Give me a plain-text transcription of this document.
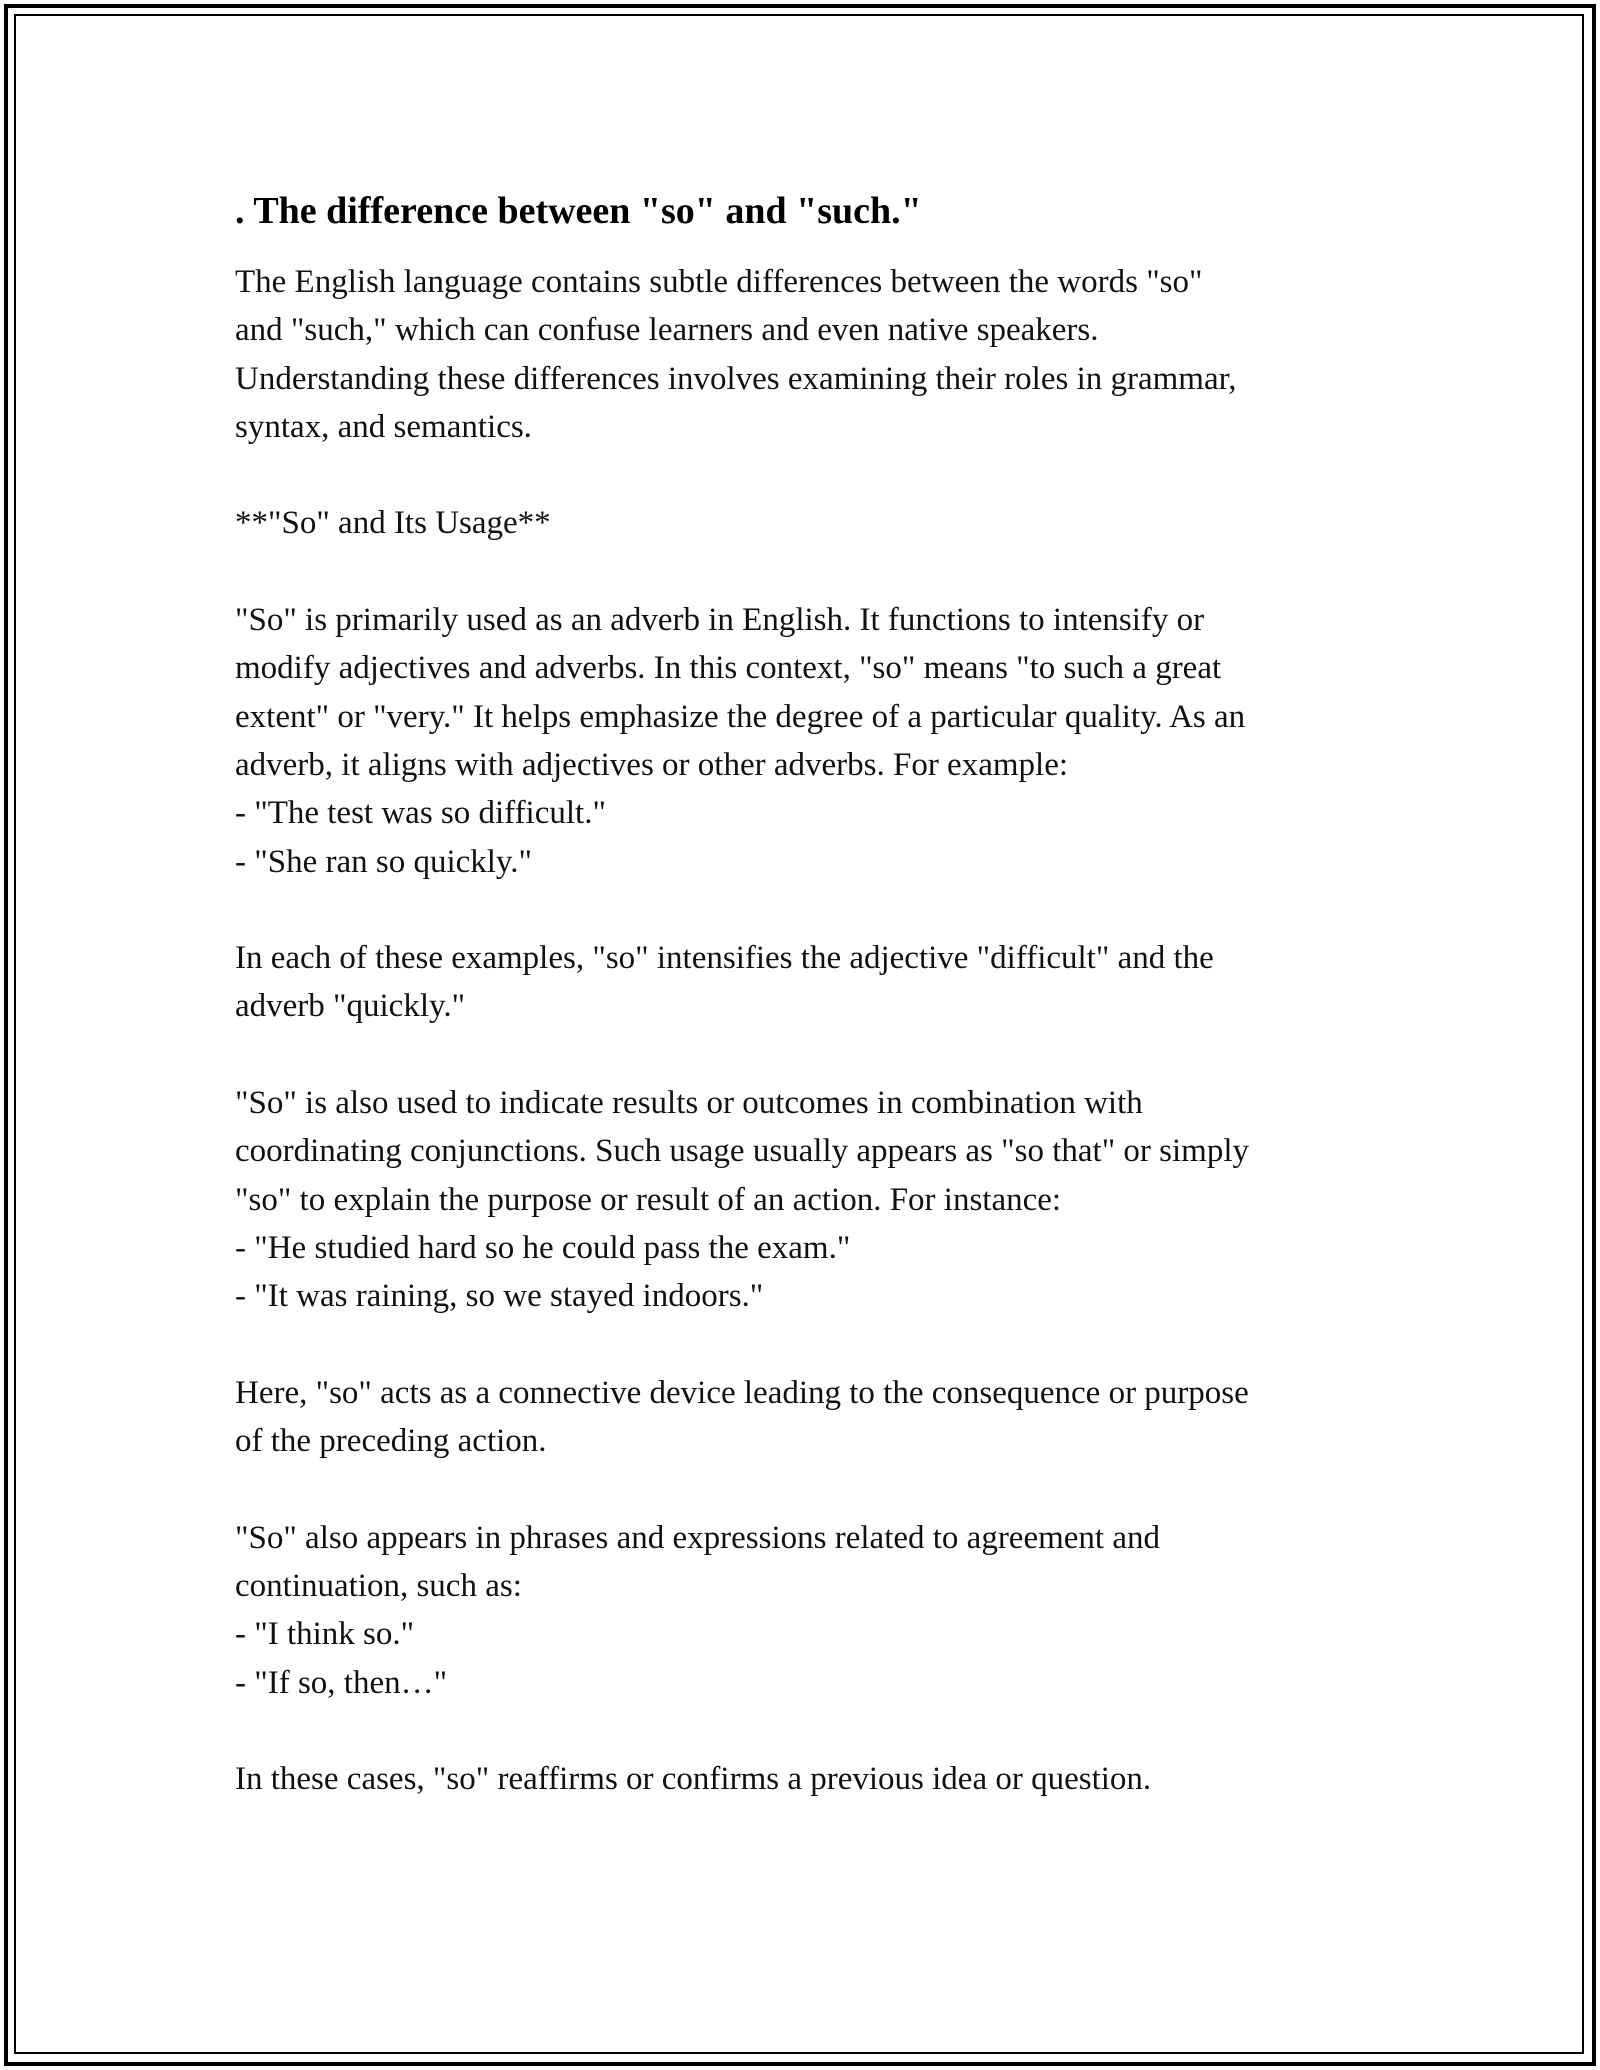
. The difference between "so" and "such."
The English language contains subtle differences between the words "so"
and "such," which can confuse learners and even native speakers.
Understanding these differences involves examining their roles in grammar,
syntax, and semantics.
**"So" and Its Usage**
"So" is primarily used as an adverb in English. It functions to intensify or
modify adjectives and adverbs. In this context, "so" means "to such a great
extent" or "very." It helps emphasize the degree of a particular quality. As an
adverb, it aligns with adjectives or other adverbs. For example:
- "The test was so difficult."
- "She ran so quickly."
In each of these examples, "so" intensifies the adjective "difficult" and the
adverb "quickly."
"So" is also used to indicate results or outcomes in combination with
coordinating conjunctions. Such usage usually appears as "so that" or simply
"so" to explain the purpose or result of an action. For instance:
- "He studied hard so he could pass the exam."
- "It was raining, so we stayed indoors."
Here, "so" acts as a connective device leading to the consequence or purpose
of the preceding action.
"So" also appears in phrases and expressions related to agreement and
continuation, such as:
- "I think so."
- "If so, then…"
In these cases, "so" reaffirms or confirms a previous idea or question.
